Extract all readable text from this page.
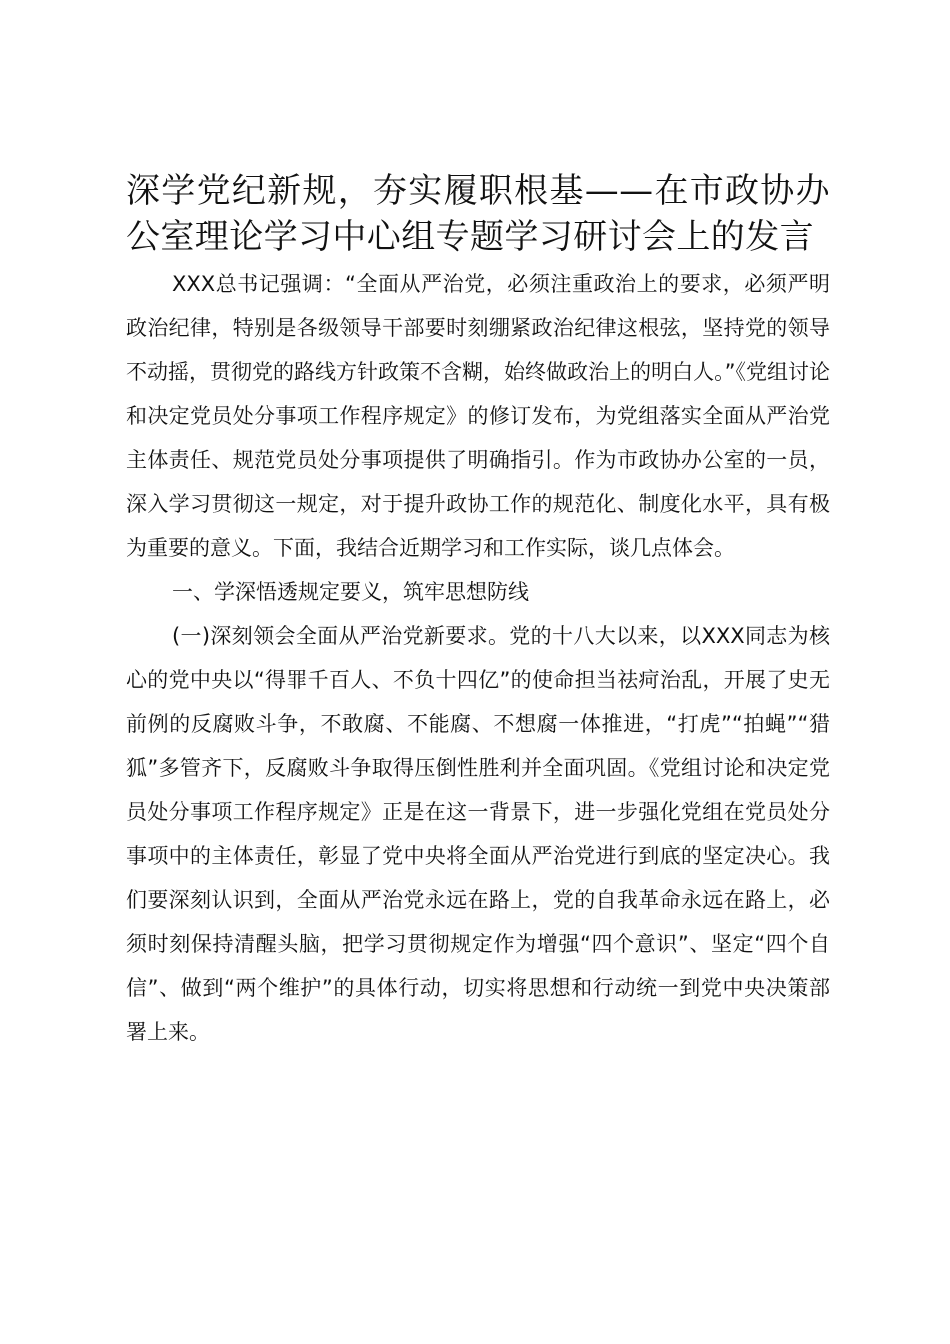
深学党纪新规，夯实履职根基——在市政协办公室理论学习中心组专题学习研讨会上的发言

XXX总书记强调：“全面从严治党，必须注重政治上的要求，必须严明政治纪律，特别是各级领导干部要时刻绷紧政治纪律这根弦，坚持党的领导不动摇，贯彻党的路线方针政策不含糊，始终做政治上的明白人。”《党组讨论和决定党员处分事项工作程序规定》的修订发布，为党组落实全面从严治党主体责任、规范党员处分事项提供了明确指引。作为市政协办公室的一员，深入学习贯彻这一规定，对于提升政协工作的规范化、制度化水平，具有极为重要的意义。下面，我结合近期学习和工作实际，谈几点体会。

一、学深悟透规定要义，筑牢思想防线

(一)深刻领会全面从严治党新要求。党的十八大以来，以XXX同志为核心的党中央以“得罪千百人、不负十四亿”的使命担当祛疴治乱，开展了史无前例的反腐败斗争，不敢腐、不能腐、不想腐一体推进，“打虎”“拍蝇”“猎狐”多管齐下，反腐败斗争取得压倒性胜利并全面巩固。《党组讨论和决定党员处分事项工作程序规定》正是在这一背景下，进一步强化党组在党员处分事项中的主体责任，彰显了党中央将全面从严治党进行到底的坚定决心。我们要深刻认识到，全面从严治党永远在路上，党的自我革命永远在路上，必须时刻保持清醒头脑，把学习贯彻规定作为增强“四个意识”、坚定“四个自信”、做到“两个维护”的具体行动，切实将思想和行动统一到党中央决策部署上来。
